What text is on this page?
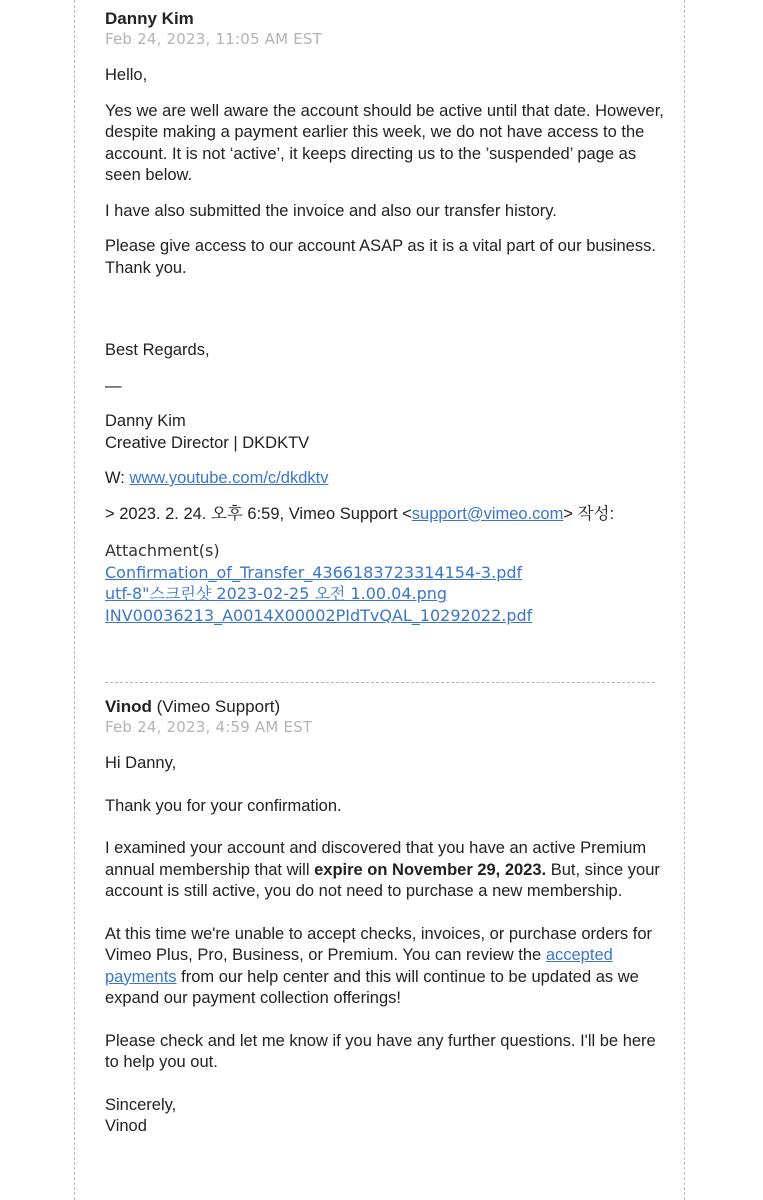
Danny Kim
Feb 24, 2023, 11:05 AM EST

Hello,

Yes we are well aware the account should be active until that date. However, despite making a payment earlier this week, we do not have access to the account. It is not ‘active’, it keeps directing us to the ’suspended’ page as seen below.

I have also submitted the invoice and also our transfer history.

Please give access to our account ASAP as it is a vital part of our business. Thank you.

Best Regards,

—

Danny Kim

Creative Director | DKDKTV

W: www.youtube.com/c/dkdktv

> 2023. 2. 24. 오후 6:59, Vimeo Support <support@vimeo.com> 작성:

Attachment(s)
Confirmation_of_Transfer_4366183723314154-3.pdf
utf-8"스크린샷 2023-02-25 오전 1.00.04.png
INV00036213_A0014X00002PIdTvQAL_10292022.pdf
Vinod (Vimeo Support)
Feb 24, 2023, 4:59 AM EST

Hi Danny,

Thank you for your confirmation.

I examined your account and discovered that you have an active Premium annual membership that will expire on November 29, 2023. But, since your account is still active, you do not need to purchase a new membership.

At this time we're unable to accept checks, invoices, or purchase orders for Vimeo Plus, Pro, Business, or Premium. You can review the accepted payments from our help center and this will continue to be updated as we expand our payment collection offerings!

Please check and let me know if you have any further questions. I'll be here to help you out.

Sincerely,

Vinod
